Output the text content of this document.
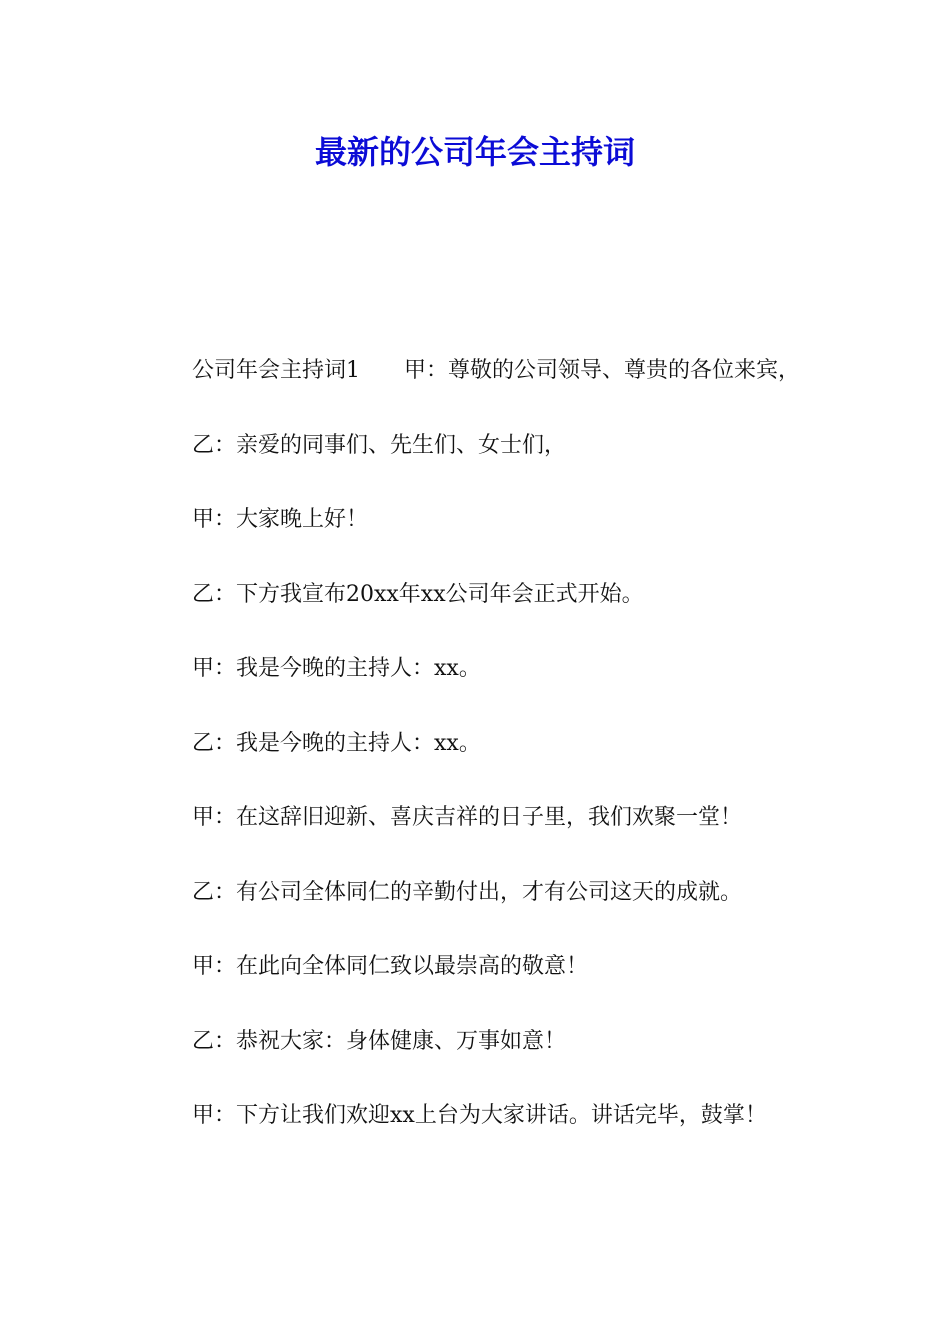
最新的公司年会主持词

公司年会主持词1　　甲：尊敬的公司领导、尊贵的各位来宾，

乙：亲爱的同事们、先生们、女士们，

甲：大家晚上好！

乙：下方我宣布20xx年xx公司年会正式开始。

甲：我是今晚的主持人：xx。

乙：我是今晚的主持人：xx。

甲：在这辞旧迎新、喜庆吉祥的日子里，我们欢聚一堂！

乙：有公司全体同仁的辛勤付出，才有公司这天的成就。

甲：在此向全体同仁致以最崇高的敬意！

乙：恭祝大家：身体健康、万事如意！

甲：下方让我们欢迎xx上台为大家讲话。讲话完毕，鼓掌！
